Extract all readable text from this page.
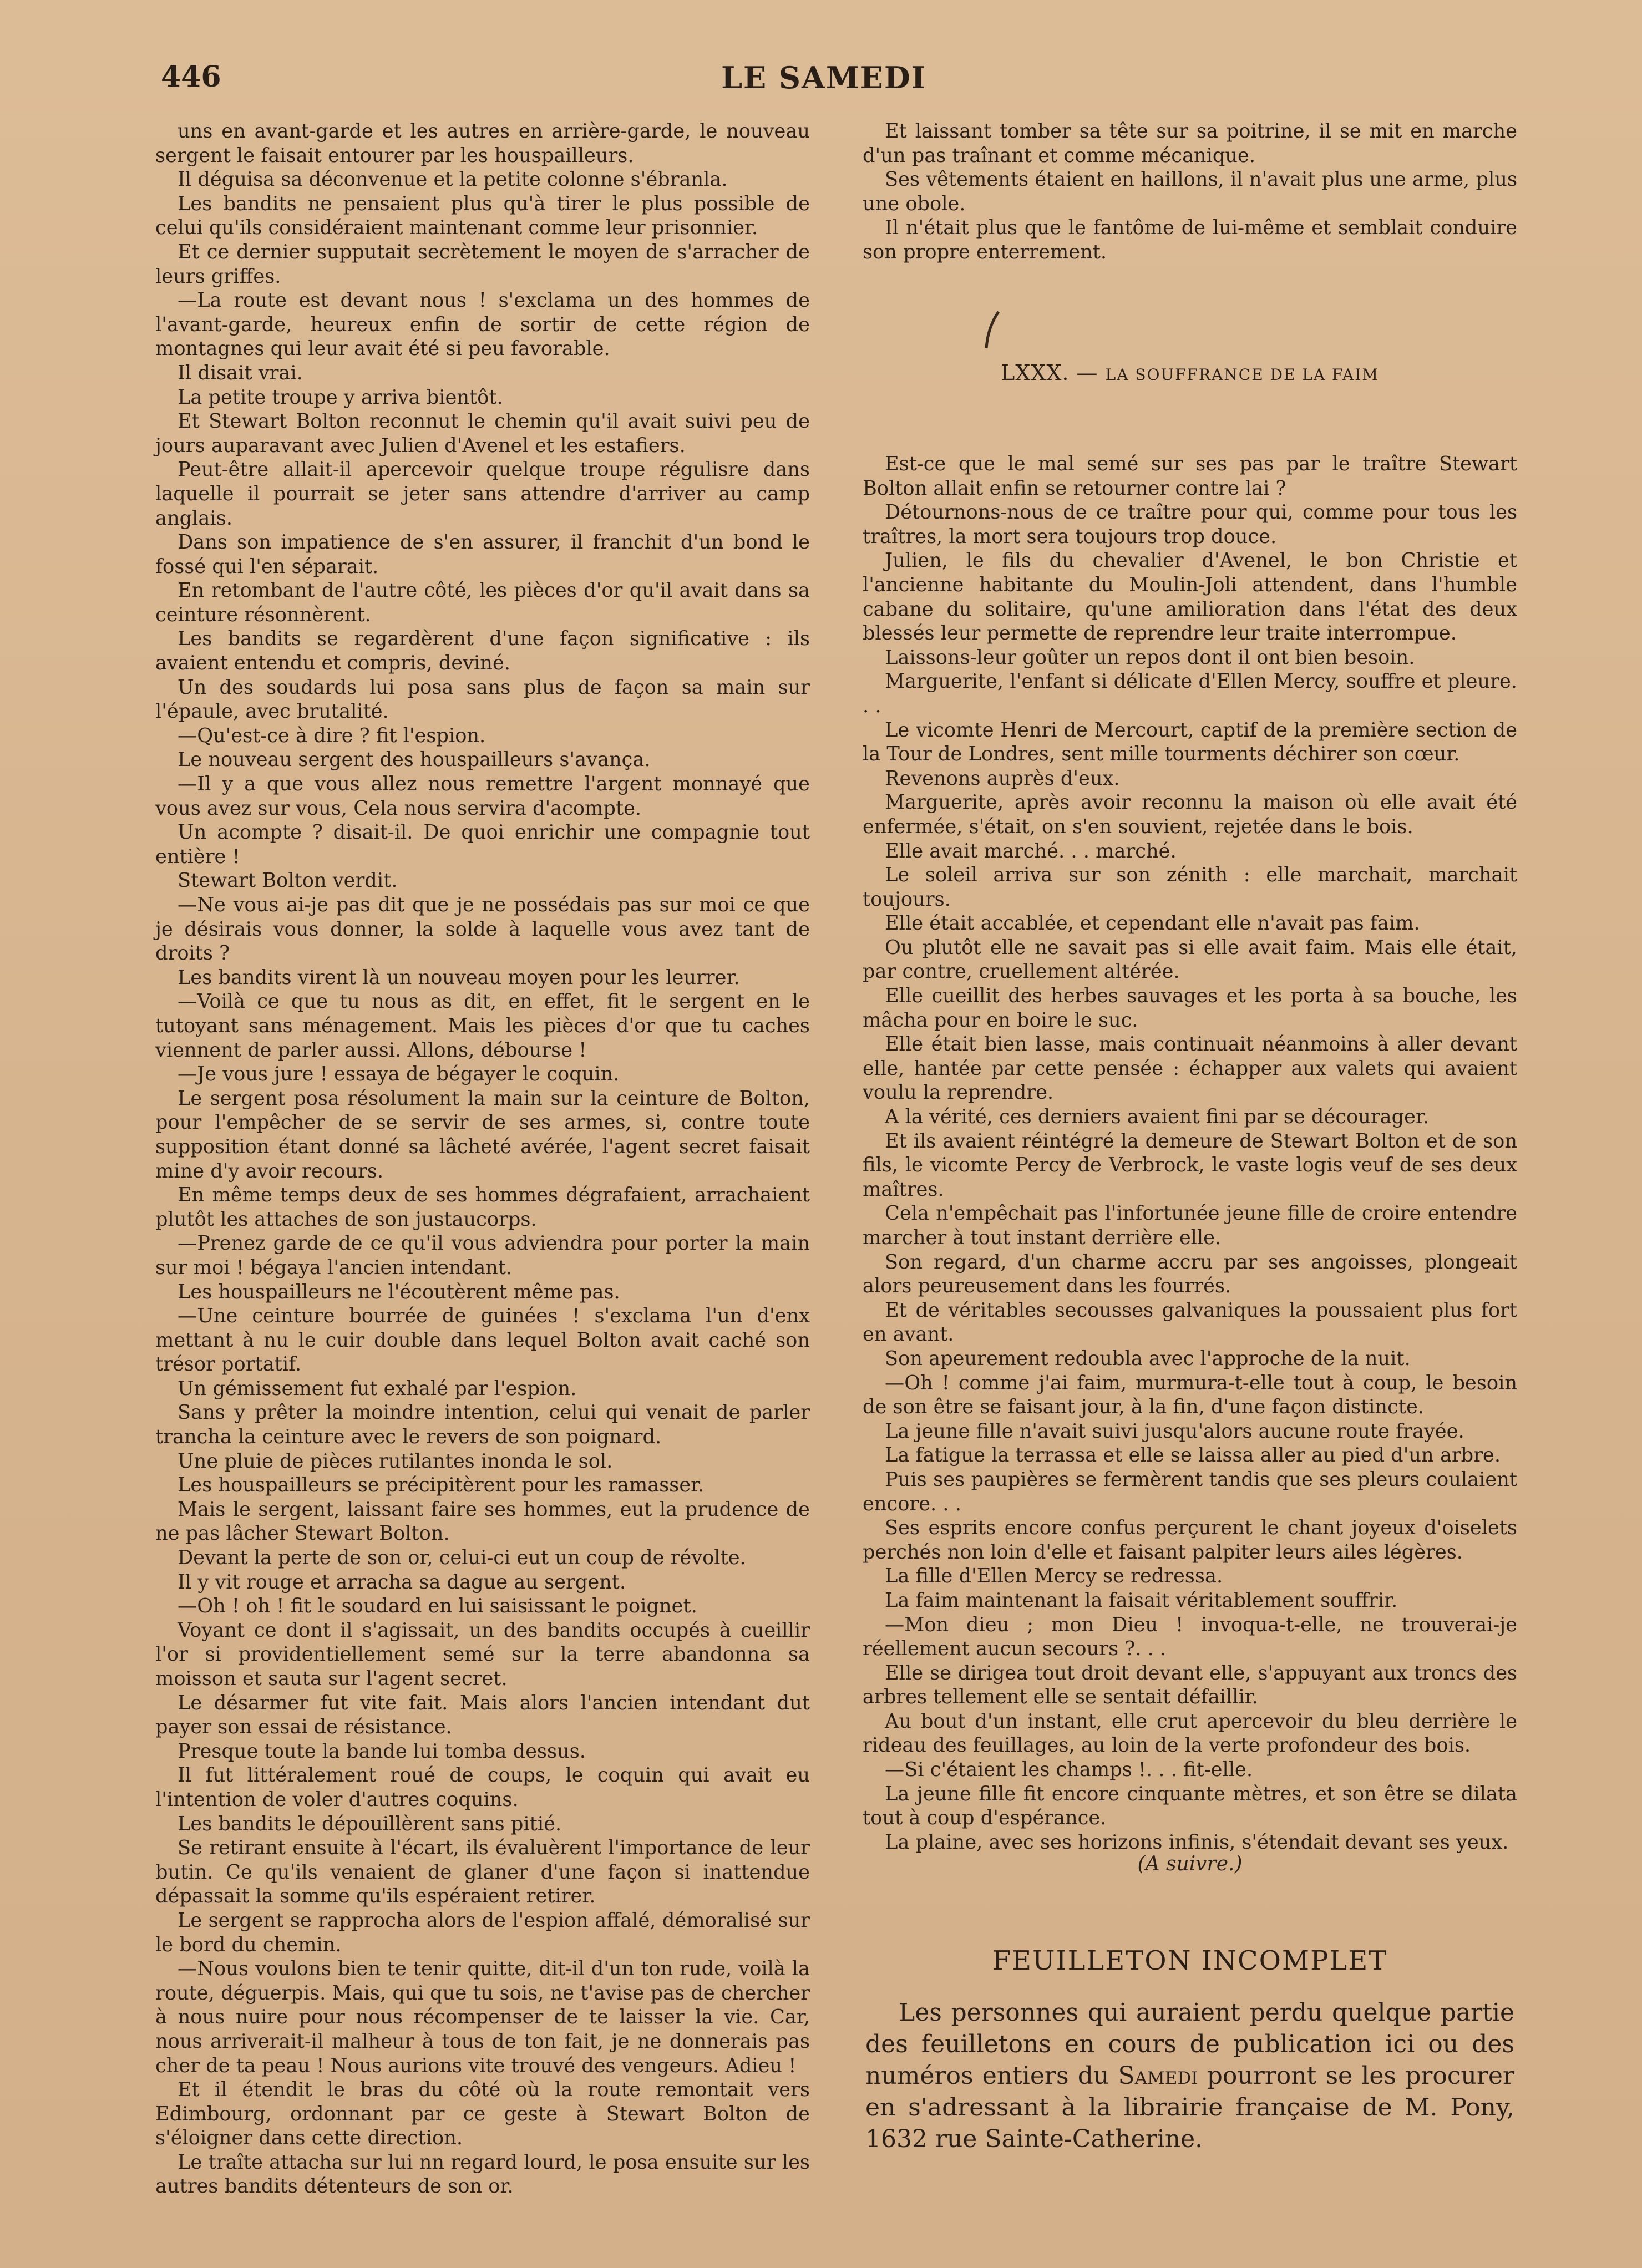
446	LE SAMEDI

uns en avant-garde et les autres en arrière-garde, le nouveau sergent le faisait entourer par les houspailleurs.

Il déguisa sa déconvenue et la petite colonne s'ébranla.

Les bandits ne pensaient plus qu'à tirer le plus possible de celui qu'ils considéraient maintenant comme leur prisonnier.

Et ce dernier supputait secrètement le moyen de s'arracher de leurs griffes.

—La route est devant nous ! s'exclama un des hommes de l'avant-garde, heureux enfin de sortir de cette région de montagnes qui leur avait été si peu favorable.

Il disait vrai.

La petite troupe y arriva bientôt.

Et Stewart Bolton reconnut le chemin qu'il avait suivi peu de jours auparavant avec Julien d'Avenel et les estafiers.

Peut-être allait-il apercevoir quelque troupe régulisre dans laquelle il pourrait se jeter sans attendre d'arriver au camp anglais.

Dans son impatience de s'en assurer, il franchit d'un bond le fossé qui l'en séparait.

En retombant de l'autre côté, les pièces d'or qu'il avait dans sa ceinture résonnèrent.

Les bandits se regardèrent d'une façon significative : ils avaient entendu et compris, deviné.

Un des soudards lui posa sans plus de façon sa main sur l'épaule, avec brutalité.

—Qu'est-ce à dire ? fit l'espion.

Le nouveau sergent des houspailleurs s'avança.

—Il y a que vous allez nous remettre l'argent monnayé que vous avez sur vous, Cela nous servira d'acompte.

Un acompte ? disait-il. De quoi enrichir une compagnie tout entière !

Stewart Bolton verdit.

—Ne vous ai-je pas dit que je ne possédais pas sur moi ce que je désirais vous donner, la solde à laquelle vous avez tant de droits ?

Les bandits virent là un nouveau moyen pour les leurrer.

—Voilà ce que tu nous as dit, en effet, fit le sergent en le tutoyant sans ménagement. Mais les pièces d'or que tu caches viennent de parler aussi. Allons, débourse !

—Je vous jure ! essaya de bégayer le coquin.

Le sergent posa résolument la main sur la ceinture de Bolton, pour l'empêcher de se servir de ses armes, si, contre toute supposition étant donné sa lâcheté avérée, l'agent secret faisait mine d'y avoir recours.

En même temps deux de ses hommes dégrafaient, arrachaient plutôt les attaches de son justaucorps.

—Prenez garde de ce qu'il vous adviendra pour porter la main sur moi ! bégaya l'ancien intendant.

Les houspailleurs ne l'écoutèrent même pas.

—Une ceinture bourrée de guinées ! s'exclama l'un d'enx mettant à nu le cuir double dans lequel Bolton avait caché son trésor portatif.

Un gémissement fut exhalé par l'espion.

Sans y prêter la moindre intention, celui qui venait de parler trancha la ceinture avec le revers de son poignard.

Une pluie de pièces rutilantes inonda le sol.

Les houspailleurs se précipitèrent pour les ramasser.

Mais le sergent, laissant faire ses hommes, eut la prudence de ne pas lâcher Stewart Bolton.

Devant la perte de son or, celui-ci eut un coup de révolte.

Il y vit rouge et arracha sa dague au sergent.

—Oh ! oh ! fit le soudard en lui saisissant le poignet.

Voyant ce dont il s'agissait, un des bandits occupés à cueillir l'or si providentiellement semé sur la terre abandonna sa moisson et sauta sur l'agent secret.

Le désarmer fut vite fait. Mais alors l'ancien intendant dut payer son essai de résistance.

Presque toute la bande lui tomba dessus.

Il fut littéralement roué de coups, le coquin qui avait eu l'intention de voler d'autres coquins.

Les bandits le dépouillèrent sans pitié.

Se retirant ensuite à l'écart, ils évaluèrent l'importance de leur butin. Ce qu'ils venaient de glaner d'une façon si inattendue dépassait la somme qu'ils espéraient retirer.

Le sergent se rapprocha alors de l'espion affalé, démoralisé sur le bord du chemin.

—Nous voulons bien te tenir quitte, dit-il d'un ton rude, voilà la route, déguerpis. Mais, qui que tu sois, ne t'avise pas de chercher à nous nuire pour nous récompenser de te laisser la vie. Car, nous arriverait-il malheur à tous de ton fait, je ne donnerais pas cher de ta peau ! Nous aurions vite trouvé des vengeurs. Adieu !

Et il étendit le bras du côté où la route remontait vers Edimbourg, ordonnant par ce geste à Stewart Bolton de s'éloigner dans cette direction.

Le traîte attacha sur lui nn regard lourd, le posa ensuite sur les autres bandits détenteurs de son or.

Et laissant tomber sa tête sur sa poitrine, il se mit en marche d'un pas traînant et comme mécanique.

Ses vêtements étaient en haillons, il n'avait plus une arme, plus une obole.

Il n'était plus que le fantôme de lui-même et semblait conduire son propre enterrement.

LXXX. — LA SOUFFRANCE DE LA FAIM

Est-ce que le mal semé sur ses pas par le traître Stewart Bolton allait enfin se retourner contre lai ?

Détournons-nous de ce traître pour qui, comme pour tous les traîtres, la mort sera toujours trop douce.

Julien, le fils du chevalier d'Avenel, le bon Christie et l'ancienne habitante du Moulin-Joli attendent, dans l'humble cabane du solitaire, qu'une amilioration dans l'état des deux blessés leur permette de reprendre leur traite interrompue.

Laissons-leur goûter un repos dont il ont bien besoin.

Marguerite, l'enfant si délicate d'Ellen Mercy, souffre et pleure. . .

Le vicomte Henri de Mercourt, captif de la première section de la Tour de Londres, sent mille tourments déchirer son cœur.

Revenons auprès d'eux.

Marguerite, après avoir reconnu la maison où elle avait été enfermée, s'était, on s'en souvient, rejetée dans le bois.

Elle avait marché. . . marché.

Le soleil arriva sur son zénith : elle marchait, marchait toujours.

Elle était accablée, et cependant elle n'avait pas faim.

Ou plutôt elle ne savait pas si elle avait faim. Mais elle était, par contre, cruellement altérée.

Elle cueillit des herbes sauvages et les porta à sa bouche, les mâcha pour en boire le suc.

Elle était bien lasse, mais continuait néanmoins à aller devant elle, hantée par cette pensée : échapper aux valets qui avaient voulu la reprendre.

A la vérité, ces derniers avaient fini par se décourager.

Et ils avaient réintégré la demeure de Stewart Bolton et de son fils, le vicomte Percy de Verbrock, le vaste logis veuf de ses deux maîtres.

Cela n'empêchait pas l'infortunée jeune fille de croire entendre marcher à tout instant derrière elle.

Son regard, d'un charme accru par ses angoisses, plongeait alors peureusement dans les fourrés.

Et de véritables secousses galvaniques la poussaient plus fort en avant.

Son apeurement redoubla avec l'approche de la nuit.

—Oh ! comme j'ai faim, murmura-t-elle tout à coup, le besoin de son être se faisant jour, à la fin, d'une façon distincte.

La jeune fille n'avait suivi jusqu'alors aucune route frayée.

La fatigue la terrassa et elle se laissa aller au pied d'un arbre.

Puis ses paupières se fermèrent tandis que ses pleurs coulaient encore. . .

Ses esprits encore confus perçurent le chant joyeux d'oiselets perchés non loin d'elle et faisant palpiter leurs ailes légères.

La fille d'Ellen Mercy se redressa.

La faim maintenant la faisait véritablement souffrir.

—Mon dieu ; mon Dieu ! invoqua-t-elle, ne trouverai-je réellement aucun secours ?. . .

Elle se dirigea tout droit devant elle, s'appuyant aux troncs des arbres tellement elle se sentait défaillir.

Au bout d'un instant, elle crut apercevoir du bleu derrière le rideau des feuillages, au loin de la verte profondeur des bois.

—Si c'étaient les champs !. . . fit-elle.

La jeune fille fit encore cinquante mètres, et son être se dilata tout à coup d'espérance.

La plaine, avec ses horizons infinis, s'étendait devant ses yeux.

(A suivre.)
FEUILLETON INCOMPLET
Les personnes qui auraient perdu quelque partie des feuilletons en cours de publication ici ou des numéros entiers du Samedi pourront se les procurer en s'adressant à la librairie française de M. Pony, 1632 rue Sainte-Catherine.
